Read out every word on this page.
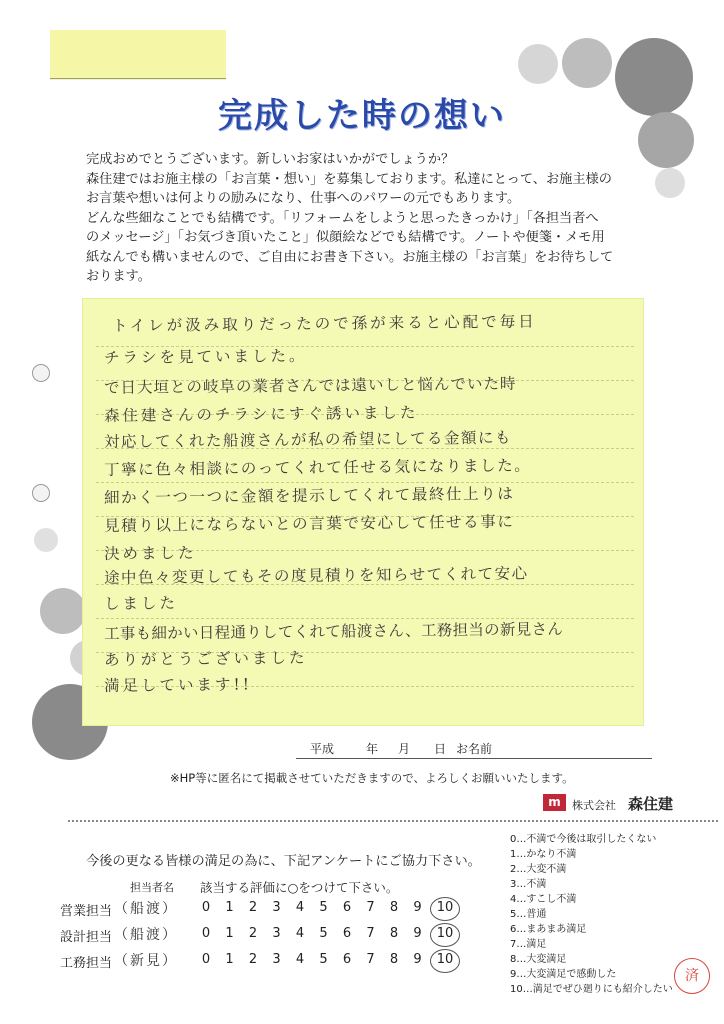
完成した時の想い

完成おめでとうございます。新しいお家はいかがでしょうか？

森住建ではお施主様の「お言葉・想い」を募集しております。私達にとって、お施主様の

お言葉や想いは何よりの励みになり、仕事へのパワーの元でもあります。

どんな些細なことでも結構です。「リフォームをしようと思ったきっかけ」「各担当者へ

のメッセージ」「お気づき頂いたこと」似顔絵などでも結構です。ノートや便箋・メモ用

紙なんでも構いませんので、ご自由にお書き下さい。お施主様の「お言葉」をお待ちして

おります。

トイレが汲み取りだったので孫が来ると心配で毎日
チラシを見ていました。
で日大垣との岐阜の業者さんでは遠いしと悩んでいた時
森住建さんのチラシにすぐ誘いました
対応してくれた船渡さんが私の希望にしてる金額にも
丁寧に色々相談にのってくれて任せる気になりました。
細かく一つ一つに金額を提示してくれて最終仕上りは
見積り以上にならないとの言葉で安心して任せる事に
決めました
途中色々変更してもその度見積りを知らせてくれて安心
しました
工事も細かい日程通りしてくれて船渡さん、工務担当の新見さん
ありがとうございました
満足しています!!
平成	年 月 日 お名前

※HP等に匿名にて掲載させていただきますので、よろしくお願いいたします。
m	株式会社 森住建
今後の更なる皆様の満足の為に、下記アンケートにご協力下さい。
担当者名 該当する評価に○をつけて下さい。
営業担当 （船渡）	0	1	2	3	4	5	6	7	8	9	10
設計担当 （船渡）	0	1	2	3	4	5	6	7	8	9	10
工務担当 （新見）	0	1	2	3	4	5	6	7	8	9	10
0…不満で今後は取引したくない
1…かなり不満
2…大変不満
3…不満
4…すこし不満
5…普通
6…まあまあ満足
7…満足
8…大変満足
9…大変満足で感動した
10…満足でぜひ廻りにも紹介したい
済
